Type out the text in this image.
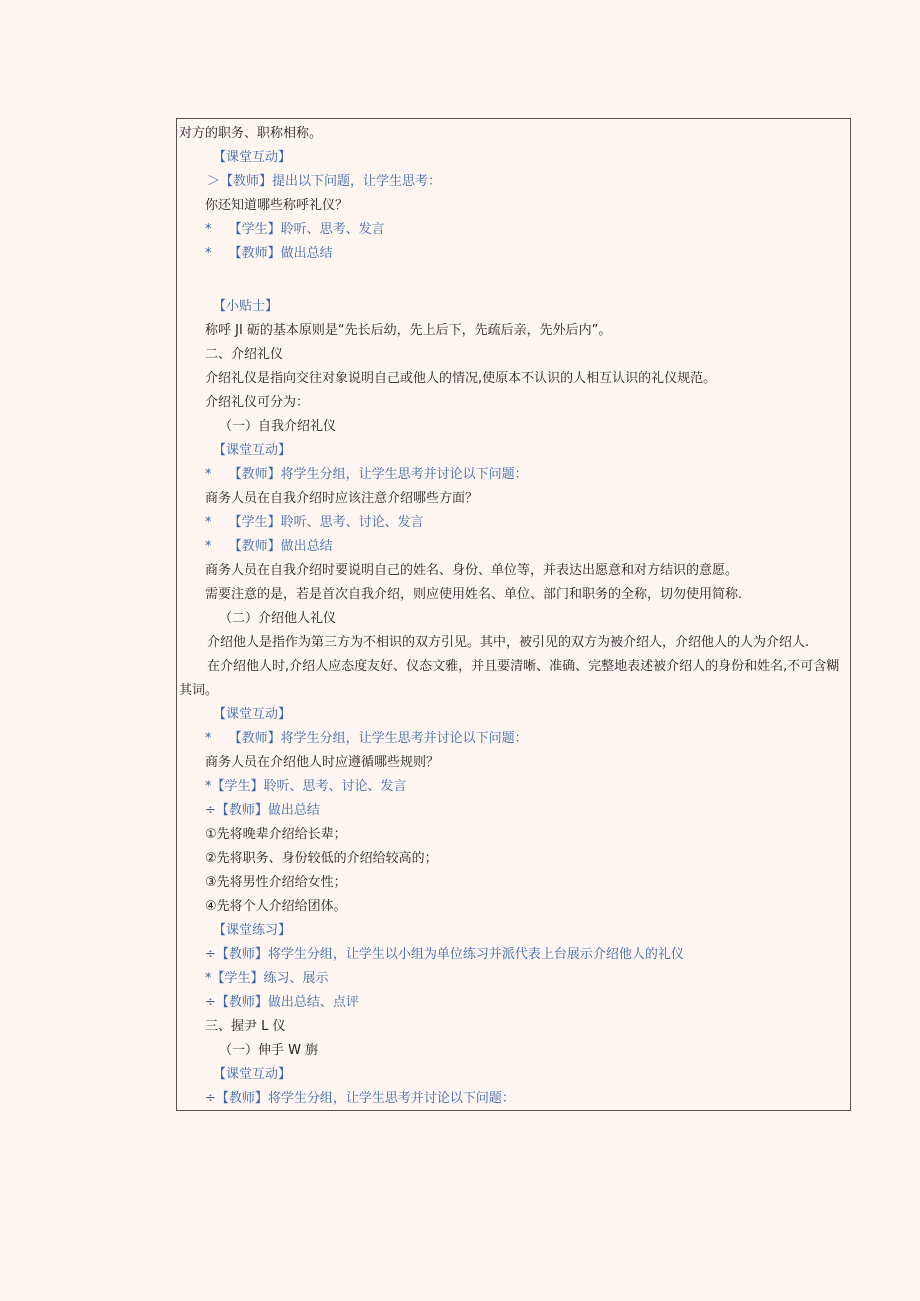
对方的职务、职称相称。
【课堂互动】
＞【教师】提出以下问题，让学生思考：
你还知道哪些称呼礼仪？
*　 【学生】聆听、思考、发言
*　 【教师】做出总结
【小贴士】
称呼 JI 砺的基本原则是“先长后幼，先上后下，先疏后亲，先外后内”。
二、介绍礼仪
介绍礼仪是指向交往对象说明自己或他人的情况,使原本不认识的人相互认识的礼仪规范。
介绍礼仪可分为：
（一）自我介绍礼仪
【课堂互动】
*　 【教师】将学生分组，让学生思考并讨论以下问题：
商务人员在自我介绍时应该注意介绍哪些方面？
*　 【学生】聆听、思考、讨论、发言
*　 【教师】做出总结
商务人员在自我介绍时要说明自己的姓名、身份、单位等，并表达出愿意和对方结识的意愿。
需要注意的是，若是首次自我介绍，则应使用姓名、单位、部门和职务的全称，切勿使用简称.
（二）介绍他人礼仪
介绍他人是指作为第三方为不相识的双方引见。其中，被引见的双方为被介绍人，介绍他人的人为介绍人.
在介绍他人时,介绍人应态度友好、仪态文雅，并且要清晰、准确、完整地表述被介绍人的身份和姓名,不可含糊
其词。
【课堂互动】
*　 【教师】将学生分组，让学生思考并讨论以下问题：
商务人员在介绍他人时应遵循哪些规则？
*【学生】聆听、思考、讨论、发言
÷【教师】做出总结
①先将晚辈介绍给长辈；
②先将职务、身份较低的介绍给较高的；
③先将男性介绍给女性；
④先将个人介绍给团体。
【课堂练习】
÷【教师】将学生分组，让学生以小组为单位练习并派代表上台展示介绍他人的礼仪
*【学生】练习、展示
÷【教师】做出总结、点评
三、握尹 L 仪
（一）伸手 W 旃
【课堂互动】
÷【教师】将学生分组，让学生思考并讨论以下问题：
